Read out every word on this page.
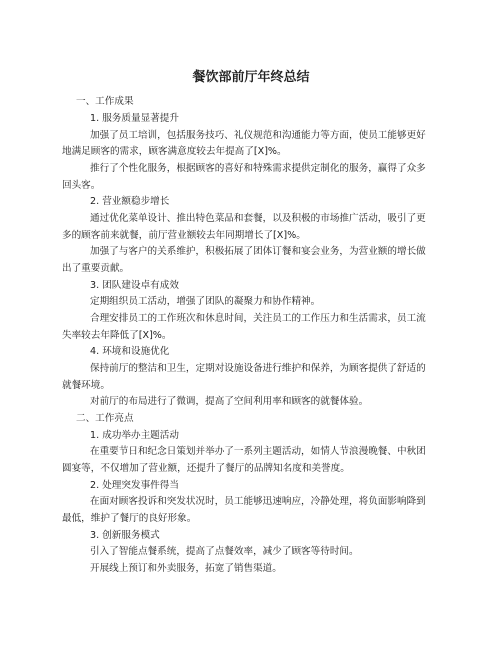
餐饮部前厅年终总结
一、工作成果
1. 服务质量显著提升
加强了员工培训，包括服务技巧、礼仪规范和沟通能力等方面，使员工能够更好
地满足顾客的需求，顾客满意度较去年提高了[X]%。
推行了个性化服务，根据顾客的喜好和特殊需求提供定制化的服务，赢得了众多
回头客。
2. 营业额稳步增长
通过优化菜单设计、推出特色菜品和套餐，以及积极的市场推广活动，吸引了更
多的顾客前来就餐，前厅营业额较去年同期增长了[X]%。
加强了与客户的关系维护，积极拓展了团体订餐和宴会业务，为营业额的增长做
出了重要贡献。
3. 团队建设卓有成效
定期组织员工活动，增强了团队的凝聚力和协作精神。
合理安排员工的工作班次和休息时间，关注员工的工作压力和生活需求，员工流
失率较去年降低了[X]%。
4. 环境和设施优化
保持前厅的整洁和卫生，定期对设施设备进行维护和保养，为顾客提供了舒适的
就餐环境。
对前厅的布局进行了微调，提高了空间利用率和顾客的就餐体验。
二、工作亮点
1. 成功举办主题活动
在重要节日和纪念日策划并举办了一系列主题活动，如情人节浪漫晚餐、中秋团
圆宴等，不仅增加了营业额，还提升了餐厅的品牌知名度和美誉度。
2. 处理突发事件得当
在面对顾客投诉和突发状况时，员工能够迅速响应，冷静处理，将负面影响降到
最低，维护了餐厅的良好形象。
3. 创新服务模式
引入了智能点餐系统，提高了点餐效率，减少了顾客等待时间。
开展线上预订和外卖服务，拓宽了销售渠道。
